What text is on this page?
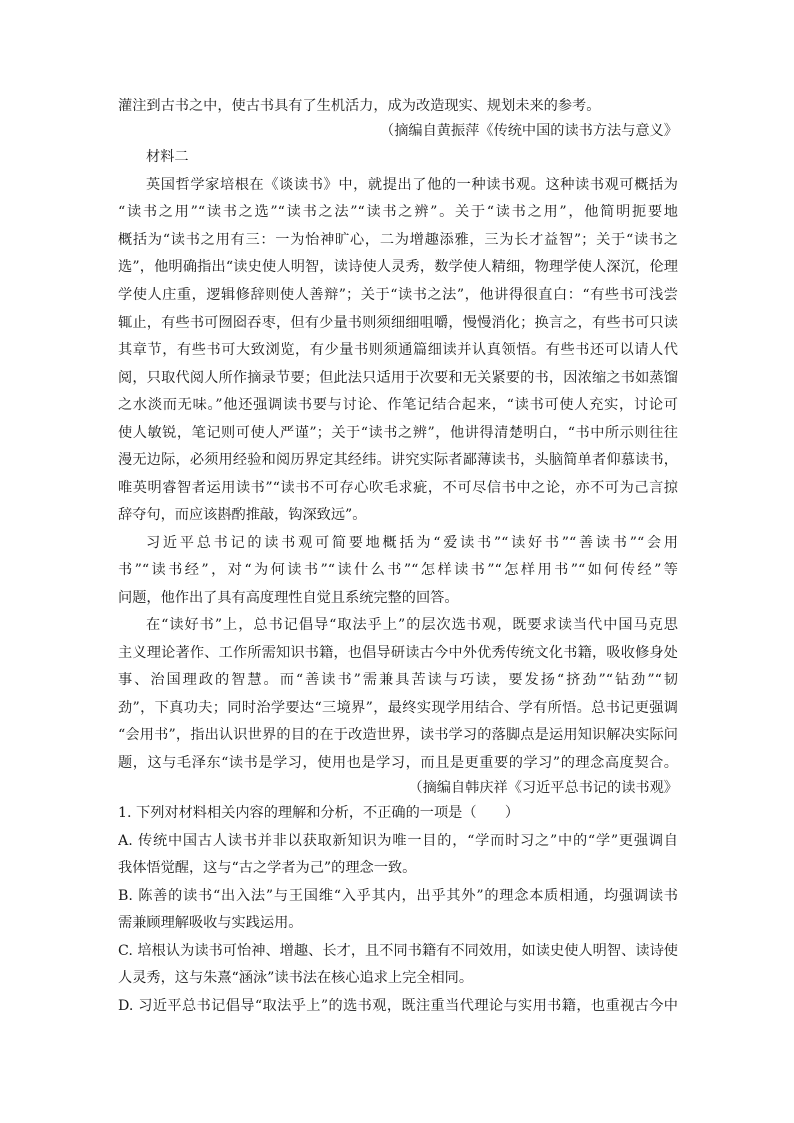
灌注到古书之中，使古书具有了生机活力，成为改造现实、规划未来的参考。
（摘编自黄振萍《传统中国的读书方法与意义》
材料二
英国哲学家培根在《谈读书》中，就提出了他的一种读书观。这种读书观可概括为
“读书之用”“读书之选”“读书之法”“读书之辨”。关于“读书之用”，他简明扼要地
概括为“读书之用有三：一为怡神旷心，二为增趣添雅，三为长才益智”；关于“读书之
选”，他明确指出“读史使人明智，读诗使人灵秀，数学使人精细，物理学使人深沉，伦理
学使人庄重，逻辑修辞则使人善辩”；关于“读书之法”，他讲得很直白：“有些书可浅尝
辄止，有些书可囫囵吞枣，但有少量书则须细细咀嚼，慢慢消化；换言之，有些书可只读
其章节，有些书可大致浏览，有少量书则须通篇细读并认真领悟。有些书还可以请人代
阅，只取代阅人所作摘录节要；但此法只适用于次要和无关紧要的书，因浓缩之书如蒸馏
之水淡而无味。”他还强调读书要与讨论、作笔记结合起来，“读书可使人充实，讨论可
使人敏锐，笔记则可使人严谨”；关于“读书之辨”，他讲得清楚明白，“书中所示则往往
漫无边际，必须用经验和阅历界定其经纬。讲究实际者鄙薄读书，头脑简单者仰慕读书，
唯英明睿智者运用读书”“读书不可存心吹毛求疵，不可尽信书中之论，亦不可为己言掠
辞夺句，而应该斟酌推敲，钩深致远”。
习近平总书记的读书观可简要地概括为“爱读书”“读好书”“善读书”“会用
书”“读书经”，对“为何读书”“读什么书”“怎样读书”“怎样用书”“如何传经”等
问题，他作出了具有高度理性自觉且系统完整的回答。
在“读好书”上，总书记倡导“取法乎上”的层次选书观，既要求读当代中国马克思
主义理论著作、工作所需知识书籍，也倡导研读古今中外优秀传统文化书籍，吸收修身处
事、治国理政的智慧。而“善读书”需兼具苦读与巧读，要发扬“挤劲”“钻劲”“韧
劲”，下真功夫；同时治学要达“三境界”，最终实现学用结合、学有所悟。总书记更强调
“会用书”，指出认识世界的目的在于改造世界，读书学习的落脚点是运用知识解决实际问
题，这与毛泽东“读书是学习，使用也是学习，而且是更重要的学习”的理念高度契合。
（摘编自韩庆祥《习近平总书记的读书观》
1. 下列对材料相关内容的理解和分析，不正确的一项是（　　）
A. 传统中国古人读书并非以获取新知识为唯一目的，“学而时习之”中的“学”更强调自
我体悟觉醒，这与“古之学者为己”的理念一致。
B. 陈善的读书“出入法”与王国维“入乎其内，出乎其外”的理念本质相通，均强调读书
需兼顾理解吸收与实践运用。
C. 培根认为读书可怡神、增趣、长才，且不同书籍有不同效用，如读史使人明智、读诗使
人灵秀，这与朱熹“涵泳”读书法在核心追求上完全相同。
D. 习近平总书记倡导“取法乎上”的选书观，既注重当代理论与实用书籍，也重视古今中
